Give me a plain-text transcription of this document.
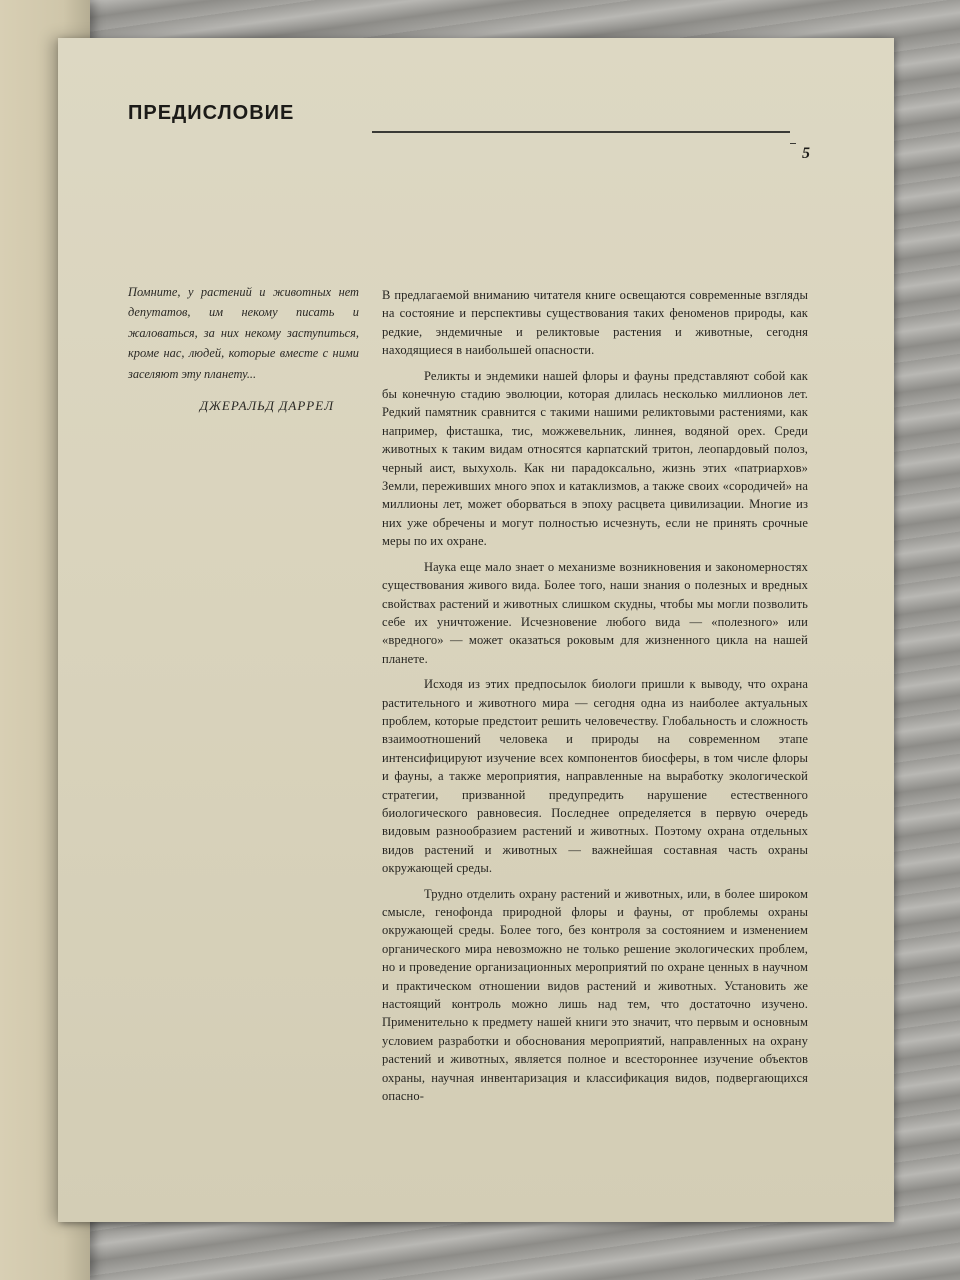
ПРЕДИСЛОВИЕ
5

Помните, у растений и животных нет депутатов, им некому писать и жаловаться, за них некому заступиться, кроме нас, людей, которые вместе с ними заселяют эту планету...

ДЖЕРАЛЬД ДАРРЕЛ

В предлагаемой вниманию читателя книге освещаются современные взгляды на состояние и перспективы существования таких феноменов природы, как редкие, эндемичные и реликтовые растения и животные, сегодня находящиеся в наибольшей опасности.

Реликты и эндемики нашей флоры и фауны представляют собой как бы конечную стадию эволюции, которая длилась несколько миллионов лет. Редкий памятник сравнится с такими нашими реликтовыми растениями, как например, фисташка, тис, можжевельник, линнея, водяной орех. Среди животных к таким видам относятся карпатский тритон, леопардовый полоз, черный аист, выхухоль. Как ни парадоксально, жизнь этих «патриархов» Земли, переживших много эпох и катаклизмов, а также своих «сородичей» на миллионы лет, может оборваться в эпоху расцвета цивилизации. Многие из них уже обречены и могут полностью исчезнуть, если не принять срочные меры по их охране.

Наука еще мало знает о механизме возникновения и закономерностях существования живого вида. Более того, наши знания о полезных и вредных свойствах растений и животных слишком скудны, чтобы мы могли позволить себе их уничтожение. Исчезновение любого вида — «полезного» или «вредного» — может оказаться роковым для жизненного цикла на нашей планете.

Исходя из этих предпосылок биологи пришли к выводу, что охрана растительного и животного мира — сегодня одна из наиболее актуальных проблем, которые предстоит решить человечеству. Глобальность и сложность взаимоотношений человека и природы на современном этапе интенсифицируют изучение всех компонентов биосферы, в том числе флоры и фауны, а также мероприятия, направленные на выработку экологической стратегии, призванной предупредить нарушение естественного биологического равновесия. Последнее определяется в первую очередь видовым разнообразием растений и животных. Поэтому охрана отдельных видов растений и животных — важнейшая составная часть охраны окружающей среды.

Трудно отделить охрану растений и животных, или, в более широком смысле, генофонда природной флоры и фауны, от проблемы охраны окружающей среды. Более того, без контроля за состоянием и изменением органического мира невозможно не только решение экологических проблем, но и проведение организационных мероприятий по охране ценных в научном и практическом отношении видов растений и животных. Установить же настоящий контроль можно лишь над тем, что достаточно изучено. Применительно к предмету нашей книги это значит, что первым и основным условием разработки и обоснования мероприятий, направленных на охрану растений и животных, является полное и всестороннее изучение объектов охраны, научная инвентаризация и классификация видов, подвергающихся опасно-
